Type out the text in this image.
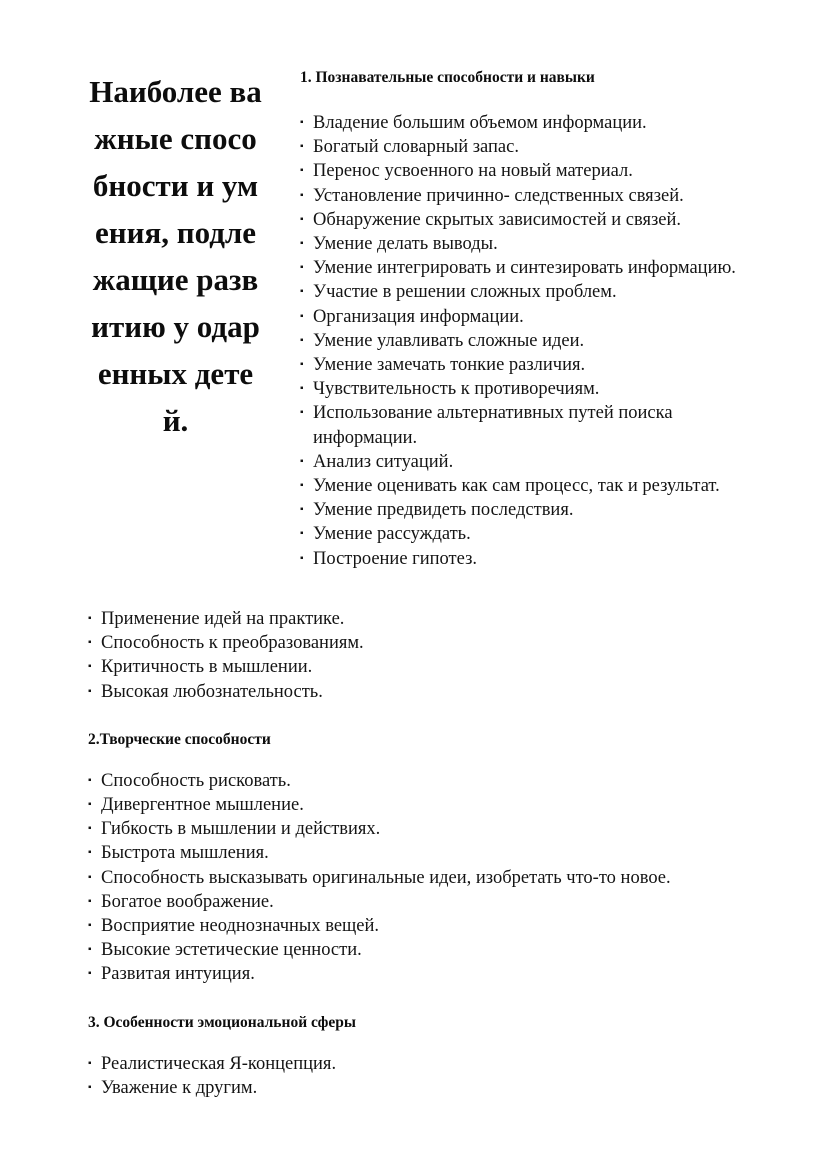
Наиболее важные способности и умения, подлежащие развитию у одаренных детей.
1. Познавательные способности и навыки
▪ Владение большим объемом информации.
▪ Богатый словарный запас.
▪ Перенос усвоенного на новый материал.
▪ Установление причинно- следственных связей.
▪ Обнаружение скрытых зависимостей и связей.
▪ Умение делать выводы.
▪ Умение интегрировать и синтезировать информацию.
▪ Участие в решении сложных проблем.
▪ Организация информации.
▪ Умение улавливать сложные идеи.
▪ Умение замечать тонкие различия.
▪ Чувствительность к противоречиям.
▪ Использование альтернативных путей поиска информации.
▪ Анализ ситуаций.
▪ Умение оценивать как сам процесс, так и результат.
▪ Умение предвидеть последствия.
▪ Умение рассуждать.
▪ Построение гипотез.
▪ Применение идей на практике.
▪ Способность к преобразованиям.
▪ Критичность в мышлении.
▪ Высокая любознательность.
2.Творческие способности
▪ Способность рисковать.
▪ Дивергентное мышление.
▪ Гибкость в мышлении и действиях.
▪ Быстрота мышления.
▪ Способность высказывать оригинальные идеи, изобретать что-то новое.
▪ Богатое воображение.
▪ Восприятие неоднозначных вещей.
▪ Высокие эстетические ценности.
▪ Развитая интуиция.
3. Особенности эмоциональной сферы
▪ Реалистическая Я-концепция.
▪ Уважение к другим.
